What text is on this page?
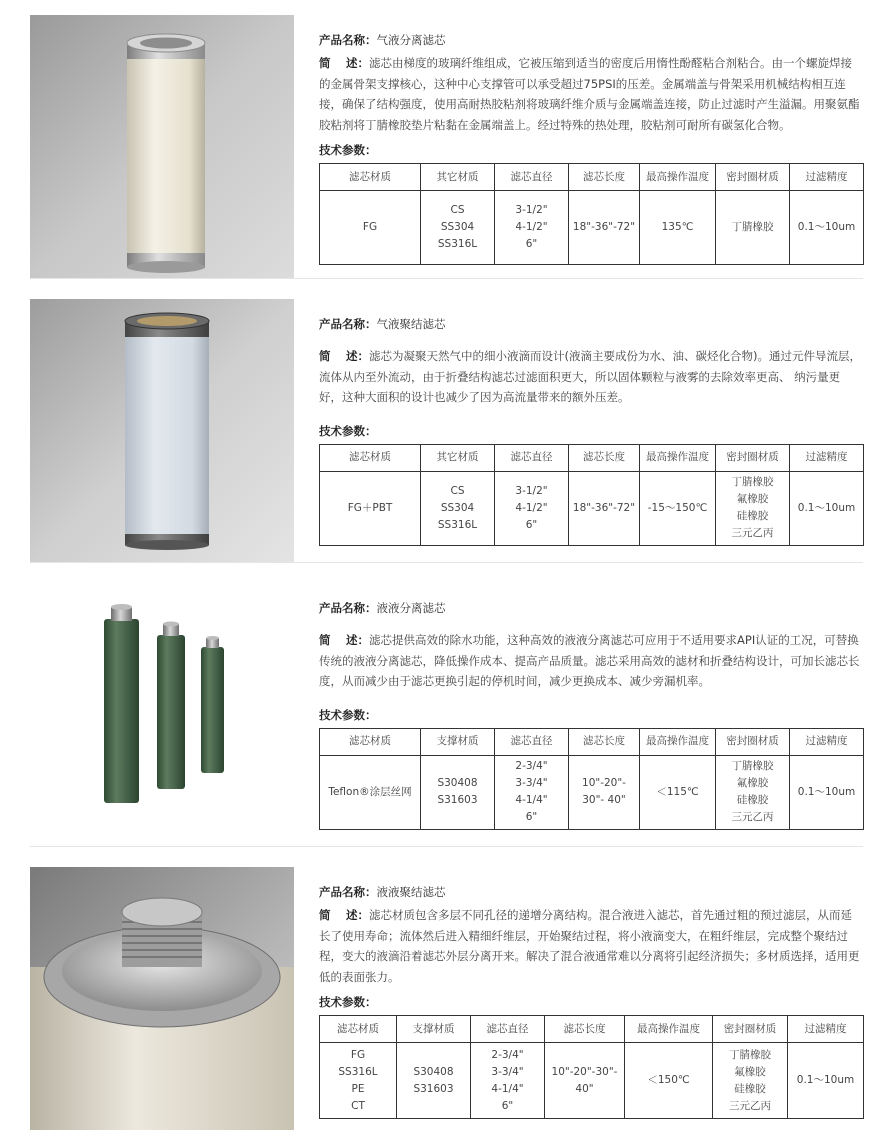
产品名称：气液分离滤芯

简　 述：滤芯由梯度的玻璃纤维组成，它被压缩到适当的密度后用惰性酚醛粘合剂粘合。由一个螺旋焊接的金属骨架支撑核心，这种中心支撑管可以承受超过75PSI的压差。金属端盖与骨架采用机械结构相互连接，确保了结构强度，使用高耐热胶粘剂将玻璃纤维介质与金属端盖连接，防止过滤时产生溢漏。用聚氨酯胶粘剂将丁腈橡胶垫片粘黏在金属端盖上。经过特殊的热处理，胶粘剂可耐所有碳氢化合物。

技术参数：

滤芯材质	其它材质	滤芯直径	滤芯长度	最高操作温度	密封圈材质	过滤精度

FG	CS
SS304
SS316L	3-1/2"
4-1/2"
6"	18"-36"-72"	135℃	丁腈橡胶	0.1～10um

产品名称：气液聚结滤芯

简　 述：滤芯为凝聚天然气中的细小液滴而设计(液滴主要成份为水、油、碳烃化合物)。通过元件导流层，流体从内至外流动，由于折叠结构滤芯过滤面积更大，所以固体颗粒与液雾的去除效率更高、 纳污量更好，这种大面积的设计也减少了因为高流量带来的额外压差。

技术参数：

滤芯材质	其它材质	滤芯直径	滤芯长度	最高操作温度	密封圈材质	过滤精度

FG＋PBT	CS
SS304
SS316L	3-1/2"
4-1/2"
6"	18"-36"-72"	-15～150℃	丁腈橡胶
氟橡胶
硅橡胶
三元乙丙	0.1～10um

产品名称：液液分离滤芯

简　 述：滤芯提供高效的除水功能，这种高效的液液分离滤芯可应用于不适用要求API认证的工况，可替换传统的液液分离滤芯，降低操作成本、提高产品质量。滤芯采用高效的滤材和折叠结构设计，可加长滤芯长度，从而减少由于滤芯更换引起的停机时间，减少更换成本、减少旁漏机率。

技术参数：

滤芯材质	支撑材质	滤芯直径	滤芯长度	最高操作温度	密封圈材质	过滤精度

Teflon®涂层丝网	S30408
S31603	2-3/4"
3-3/4"
4-1/4"
6"	10"-20"-
30"- 40"	＜115℃	丁腈橡胶
氟橡胶
硅橡胶
三元乙丙	0.1～10um

产品名称：液液聚结滤芯

简　 述：滤芯材质包含多层不同孔径的递增分离结构。混合液进入滤芯，首先通过粗的预过滤层，从而延长了使用寿命；流体然后进入精细纤维层，开始聚结过程，将小液滴变大，在粗纤维层，完成整个聚结过程，变大的液滴沿着滤芯外层分离开来。解决了混合液通常难以分离将引起经济损失；多材质选择，适用更低的表面张力。

技术参数：

滤芯材质	支撑材质	滤芯直径	滤芯长度	最高操作温度	密封圈材质	过滤精度

FG
SS316L
PE
CT	S30408
S31603	2-3/4"
3-3/4"
4-1/4"
6"	10"-20"-30"-
40"	＜150℃	丁腈橡胶
氟橡胶
硅橡胶
三元乙丙	0.1～10um
